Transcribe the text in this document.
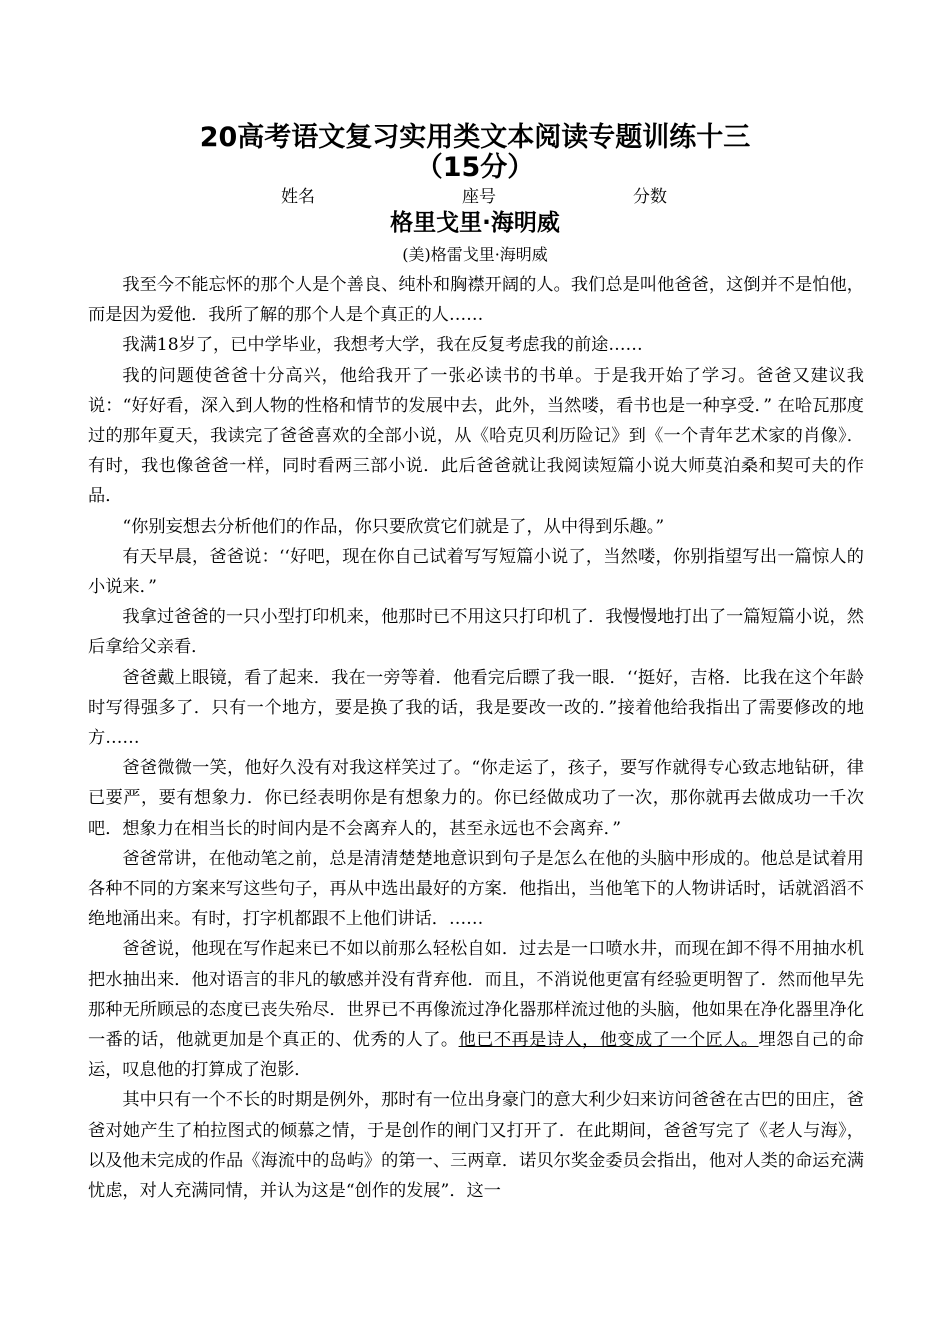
20高考语文复习实用类文本阅读专题训练十三
（15分）
姓名	座号	分数
格里戈里·海明威
(美)格雷戈里·海明威

我至今不能忘怀的那个人是个善良、纯朴和胸襟开阔的人。我们总是叫他爸爸，这倒并不是怕他，而是因为爱他．我所了解的那个人是个真正的人……

我满18岁了，已中学毕业，我想考大学，我在反复考虑我的前途……

我的问题使爸爸十分高兴，他给我开了一张必读书的书单。于是我开始了学习。爸爸又建议我说：“好好看，深入到人物的性格和情节的发展中去，此外，当然喽，看书也是一种享受．” 在哈瓦那度过的那年夏天，我读完了爸爸喜欢的全部小说，从《哈克贝利历险记》到《一个青年艺术家的肖像》．有时，我也像爸爸一样，同时看两三部小说．此后爸爸就让我阅读短篇小说大师莫泊桑和契可夫的作品．

“你别妄想去分析他们的作品，你只要欣赏它们就是了，从中得到乐趣。”

有天早晨，爸爸说：‘‘好吧，现在你自己试着写写短篇小说了，当然喽，你别指望写出一篇惊人的小说来．”

我拿过爸爸的一只小型打印机来，他那时已不用这只打印机了．我慢慢地打出了一篇短篇小说，然后拿给父亲看．

爸爸戴上眼镜，看了起来．我在一旁等着．他看完后瞟了我一眼．‘‘挺好，吉格．比我在这个年龄时写得强多了．只有一个地方，要是换了我的话，我是要改一改的．”接着他给我指出了需要修改的地方……

爸爸微微一笑，他好久没有对我这样笑过了。“你走运了，孩子，要写作就得专心致志地钻研，律已要严，要有想象力．你已经表明你是有想象力的。你已经做成功了一次，那你就再去做成功一千次吧．想象力在相当长的时间内是不会离弃人的，甚至永远也不会离弃．”

爸爸常讲，在他动笔之前，总是清清楚楚地意识到句子是怎么在他的头脑中形成的。他总是试着用各种不同的方案来写这些句子，再从中选出最好的方案．他指出，当他笔下的人物讲话时，话就滔滔不绝地涌出来。有时，打字机都跟不上他们讲话．……

爸爸说，他现在写作起来已不如以前那么轻松自如．过去是一口喷水井，而现在卸不得不用抽水机把水抽出来．他对语言的非凡的敏感并没有背弃他．而且，不消说他更富有经验更明智了．然而他早先那种无所顾忌的态度已丧失殆尽．世界已不再像流过净化器那样流过他的头脑，他如果在净化器里净化一番的话，他就更加是个真正的、优秀的人了。他已不再是诗人，他变成了一个匠人。埋怨自己的命运，叹息他的打算成了泡影．

其中只有一个不长的时期是例外，那时有一位出身豪门的意大利少妇来访问爸爸在古巴的田庄，爸爸对她产生了柏拉图式的倾慕之情，于是创作的闸门又打开了．在此期间，爸爸写完了《老人与海》，以及他未完成的作品《海流中的岛屿》的第一、三两章．诺贝尔奖金委员会指出，他对人类的命运充满忧虑，对人充满同情，并认为这是“创作的发展”．这一
